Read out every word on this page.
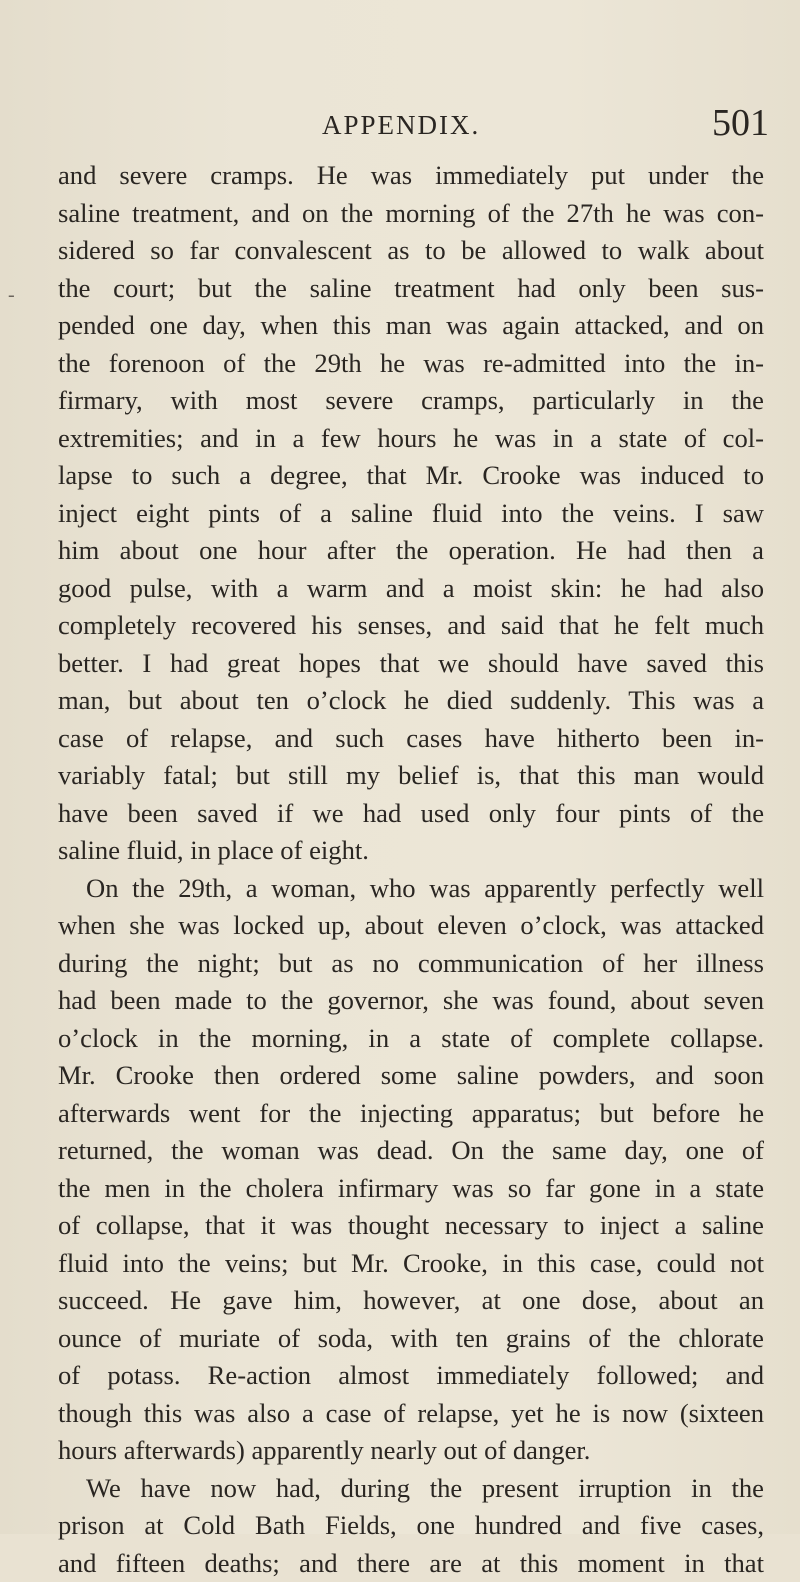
APPENDIX.	501
-
and severe cramps. He was immediately put under the
saline treatment, and on the morning of the 27th he was con-
sidered so far convalescent as to be allowed to walk about
the court; but the saline treatment had only been sus-
pended one day, when this man was again attacked, and on
the forenoon of the 29th he was re-admitted into the in-
firmary, with most severe cramps, particularly in the
extremities; and in a few hours he was in a state of col-
lapse to such a degree, that Mr. Crooke was induced to
inject eight pints of a saline fluid into the veins. I saw
him about one hour after the operation. He had then a
good pulse, with a warm and a moist skin: he had also
completely recovered his senses, and said that he felt much
better. I had great hopes that we should have saved this
man, but about ten o’clock he died suddenly. This was a
case of relapse, and such cases have hitherto been in-
variably fatal; but still my belief is, that this man would
have been saved if we had used only four pints of the
saline fluid, in place of eight.
On the 29th, a woman, who was apparently perfectly well
when she was locked up, about eleven o’clock, was attacked
during the night; but as no communication of her illness
had been made to the governor, she was found, about seven
o’clock in the morning, in a state of complete collapse.
Mr. Crooke then ordered some saline powders, and soon
afterwards went for the injecting apparatus; but before he
returned, the woman was dead. On the same day, one of
the men in the cholera infirmary was so far gone in a state
of collapse, that it was thought necessary to inject a saline
fluid into the veins; but Mr. Crooke, in this case, could not
succeed. He gave him, however, at one dose, about an
ounce of muriate of soda, with ten grains of the chlorate
of potass. Re-action almost immediately followed; and
though this was also a case of relapse, yet he is now (sixteen
hours afterwards) apparently nearly out of danger.
We have now had, during the present irruption in the
prison at Cold Bath Fields, one hundred and five cases,
and fifteen deaths; and there are at this moment in that
